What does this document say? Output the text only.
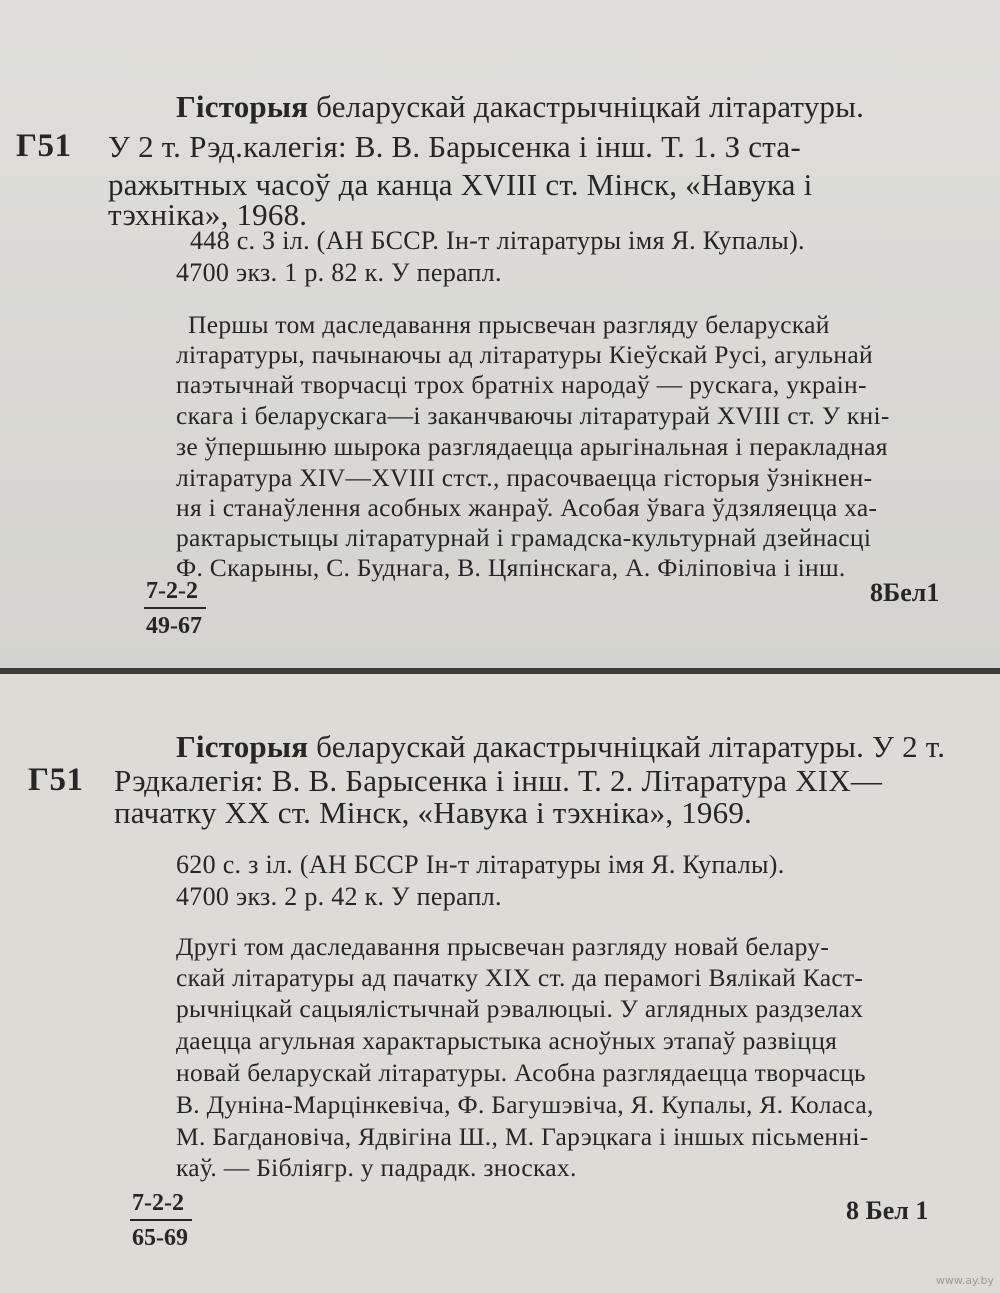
Г51
Гісторыя беларускай дакастрычніцкай літаратуры.
У 2 т. Рэд.калегія: В. В. Барысенка і інш. Т. 1. З ста-
ражытных часоў да канца XVIII ст. Мінск, «Навука і
тэхніка», 1968.
448 с. З іл. (АН БССР. Ін-т літаратуры імя Я. Купалы).
4700 экз. 1 р. 82 к. У перапл.
Першы том даследавання прысвечан разгляду беларускай
літаратуры, пачынаючы ад літаратуры Кіеўскай Русі, агульнай
паэтычнай творчасці трох братніх народаў — рускага, украін-
скага і беларускага—і заканчваючы літаратурай XVIII ст. У кні-
зе ўпершыню шырока разглядаецца арыгінальная і перакладная
літаратура XIV—XVIII стст., прасочваецца гісторыя ўзнікнен-
ня і станаўлення асобных жанраў. Асобая ўвага ўдзяляецца ха-
рактарыстыцы літаратурнай і грамадска-культурнай дзейнасці
Ф. Скарыны, С. Буднага, В. Цяпінскага, А. Філіповіча і інш.
$\frac{7-2-2}{49-67}$	8Бел1
Г51
Гісторыя беларускай дакастрычніцкай літаратуры. У 2 т.
Рэдкалегія: В. В. Барысенка і інш. Т. 2. Літаратура XIX—
пачатку XX ст. Мінск, «Навука і тэхніка», 1969.
620 с. з іл. (АН БССР Ін-т літаратуры імя Я. Купалы).
4700 экз. 2 р. 42 к. У перапл.
Другі том даследавання прысвечан разгляду новай белару-
скай літаратуры ад пачатку XIX ст. да перамогі Вялікай Каст-
рычніцкай сацыялістычнай рэвалюцыі. У аглядных раздзелах
даецца агульная характарыстыка асноўных этапаў развіцця
новай беларускай літаратуры. Асобна разглядаецца творчасць
В. Дуніна-Марцінкевіча, Ф. Багушэвіча, Я. Купалы, Я. Коласа,
М. Багдановіча, Ядвігіна Ш., М. Гарэцкага і іншых пісьменні-
каў. — Бібліягр. у падрадк. зносках.
$\frac{7-2-2}{65-69}$	8 Бел 1
www.ay.by
